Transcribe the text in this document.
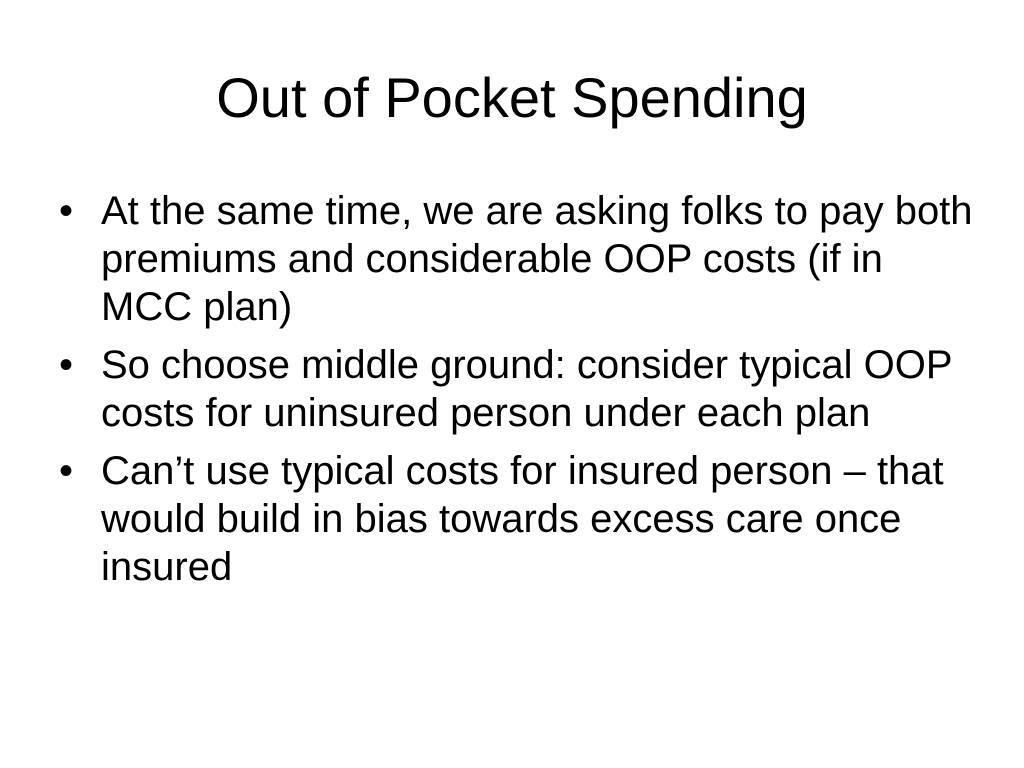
Out of Pocket Spending
• At the same time, we are asking folks to pay both premiums and considerable OOP costs (if in MCC plan)
• So choose middle ground: consider typical OOP costs for uninsured person under each plan
• Can’t use typical costs for insured person – that would build in bias towards excess care once insured
